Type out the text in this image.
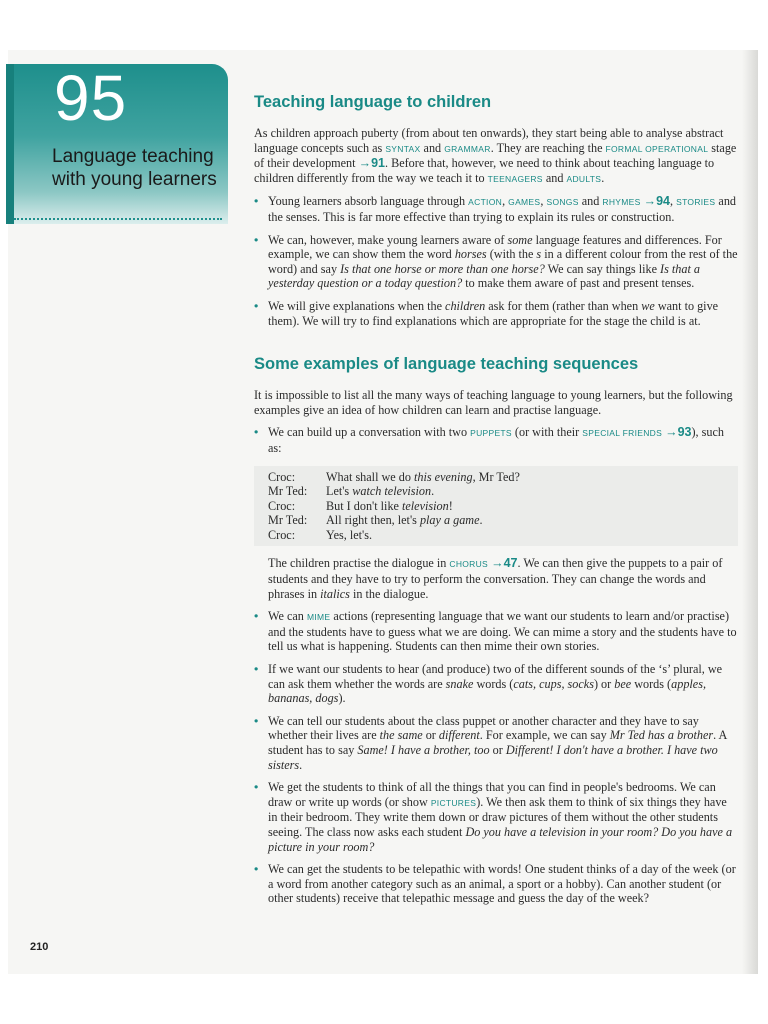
95
Language teaching with young learners
Teaching language to children

As children approach puberty (from about ten onwards), they start being able to analyse abstract language concepts such as SYNTAX and GRAMMAR. They are reaching the FORMAL OPERATIONAL stage of their development →91. Before that, however, we need to think about teaching language to children differently from the way we teach it to TEENAGERS and ADULTS.

• Young learners absorb language through ACTION, GAMES, SONGS and RHYMES →94, STORIES and the senses. This is far more effective than trying to explain its rules or construction.
• We can, however, make young learners aware of some language features and differences. For example, we can show them the word horses (with the s in a different colour from the rest of the word) and say Is that one horse or more than one horse? We can say things like Is that a yesterday question or a today question? to make them aware of past and present tenses.
• We will give explanations when the children ask for them (rather than when we want to give them). We will try to find explanations which are appropriate for the stage the child is at.
Some examples of language teaching sequences

It is impossible to list all the many ways of teaching language to young learners, but the following examples give an idea of how children can learn and practise language.

• We can build up a conversation with two PUPPETS (or with their SPECIAL FRIENDS →93), such as:
Croc:	What shall we do this evening, Mr Ted?
Mr Ted:	Let's watch television.
Croc:	But I don't like television!
Mr Ted:	All right then, let's play a game.
Croc:	Yes, let's.

The children practise the dialogue in CHORUS →47. We can then give the puppets to a pair of students and they have to try to perform the conversation. They can change the words and phrases in italics in the dialogue.

• We can MIME actions (representing language that we want our students to learn and/or practise) and the students have to guess what we are doing. We can mime a story and the students have to tell us what is happening. Students can then mime their own stories.
• If we want our students to hear (and produce) two of the different sounds of the ‘s’ plural, we can ask them whether the words are snake words (cats, cups, socks) or bee words (apples, bananas, dogs).
• We can tell our students about the class puppet or another character and they have to say whether their lives are the same or different. For example, we can say Mr Ted has a brother. A student has to say Same! I have a brother, too or Different! I don't have a brother. I have two sisters.
• We get the students to think of all the things that you can find in people's bedrooms. We can draw or write up words (or show PICTURES). We then ask them to think of six things they have in their bedroom. They write them down or draw pictures of them without the other students seeing. The class now asks each student Do you have a television in your room? Do you have a picture in your room?
• We can get the students to be telepathic with words! One student thinks of a day of the week (or a word from another category such as an animal, a sport or a hobby). Can another student (or other students) receive that telepathic message and guess the day of the week?
210
